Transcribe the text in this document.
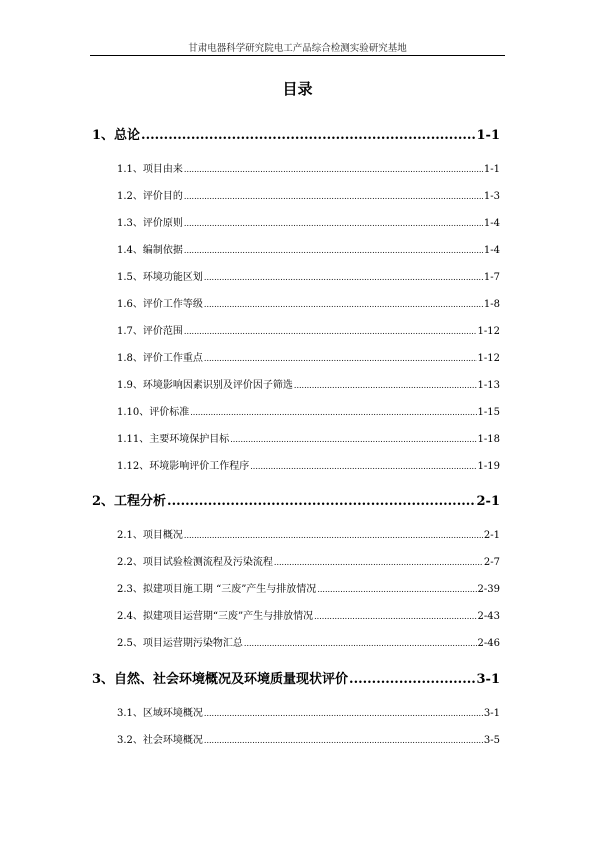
甘肃电器科学研究院电工产品综合检测实验研究基地
目录
1、总论 .....	1-1
1.1、项目由来 .....	1-1
1.2、评价目的 .....	1-3
1.3、评价原则 .....	1-4
1.4、编制依据 .....	1-4
1.5、环境功能区划 .....	1-7
1.6、评价工作等级 .....	1-8
1.7、评价范围 .....	1-12
1.8、评价工作重点 .....	1-12
1.9、环境影响因素识别及评价因子筛选 .....	1-13
1.10、评价标准 .....	1-15
1.11、主要环境保护目标 .....	1-18
1.12、环境影响评价工作程序 .....	1-19
2、工程分析 .....	2-1
2.1、项目概况 .....	2-1
2.2、项目试验检测流程及污染流程 .....	2-7
2.3、拟建项目施工期 “三废”产生与排放情况 .....	2-39
2.4、拟建项目运营期“三废”产生与排放情况 .....	2-43
2.5、项目运营期污染物汇总 .....	2-46
3、自然、社会环境概况及环境质量现状评价 .....	3-1
3.1、区域环境概况 .....	3-1
3.2、社会环境概况 .....	3-5
